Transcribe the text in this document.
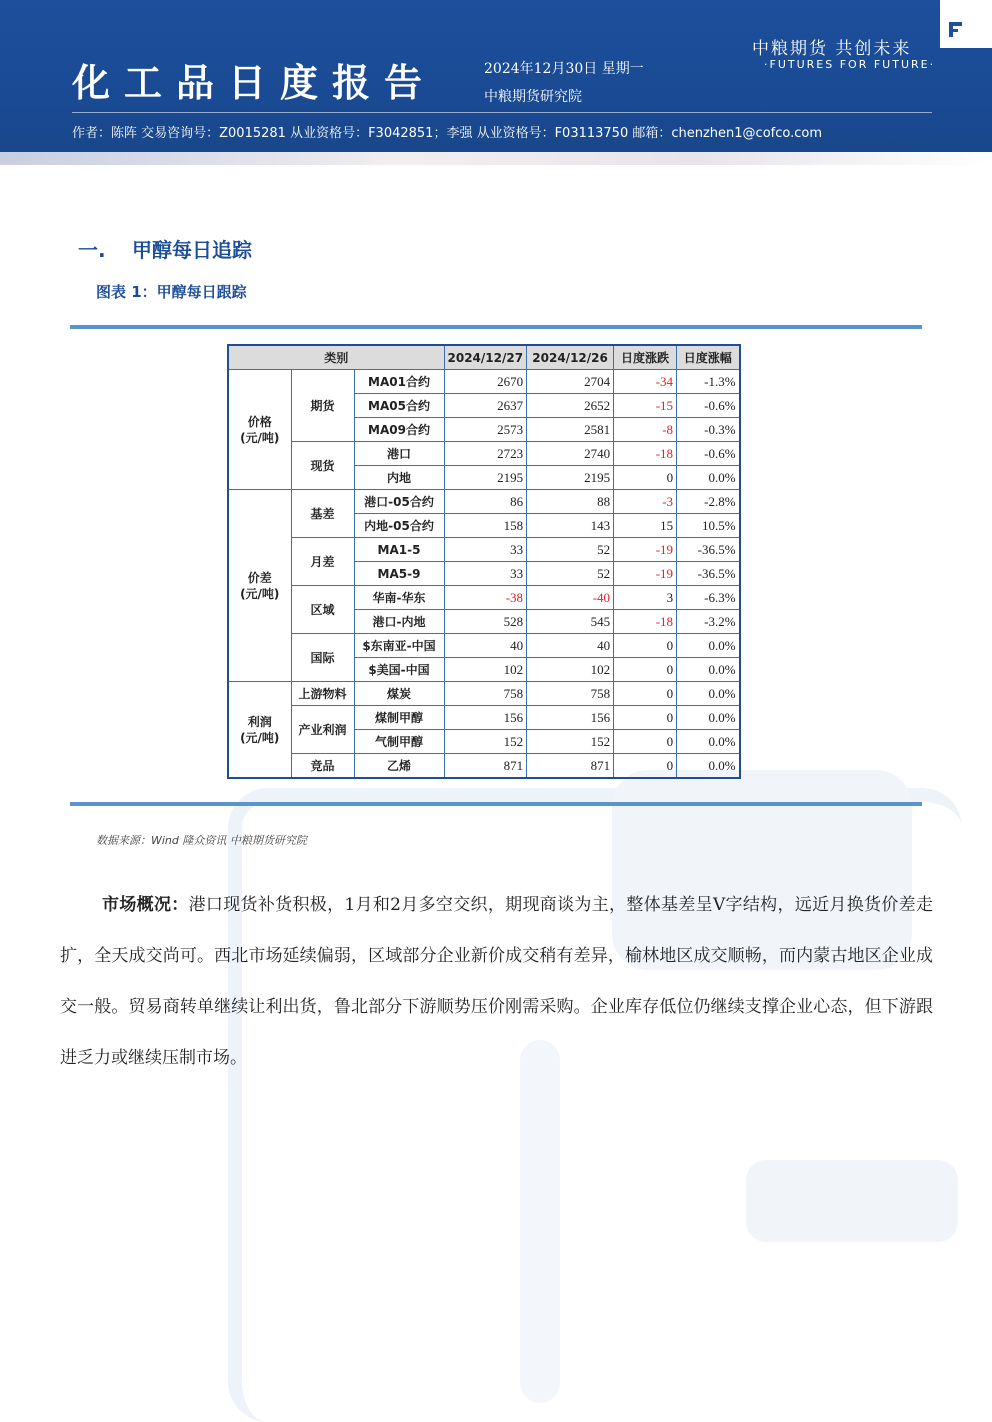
化工品日度报告	2024年12月30日 星期一
中粮期货研究院
中粮期货 共创未来
·FUTURES FOR FUTURE·
作者：陈阵 交易咨询号：Z0015281 从业资格号：F3042851；李强 从业资格号：F03113750 邮箱：chenzhen1@cofco.com
一. 甲醇每日追踪
图表 1：甲醇每日跟踪
类别			2024/12/27	2024/12/26	日度涨跌	日度涨幅
价格
(元/吨)	期货	MA01合约	2670	2704	-34	-1.3%
		MA05合约	2637	2652	-15	-0.6%
		MA09合约	2573	2581	-8	-0.3%
	现货	港口	2723	2740	-18	-0.6%
		内地	2195	2195	0	0.0%
价差
(元/吨)	基差	港口-05合约	86	88	-3	-2.8%
		内地-05合约	158	143	15	10.5%
	月差	MA1-5	33	52	-19	-36.5%
		MA5-9	33	52	-19	-36.5%
	区域	华南-华东	-38	-40	3	-6.3%
		港口-内地	528	545	-18	-3.2%
	国际	$东南亚-中国	40	40	0	0.0%
		$美国-中国	102	102	0	0.0%
利润
(元/吨)	上游物料	煤炭	758	758	0	0.0%
	产业利润	煤制甲醇	156	156	0	0.0%
		气制甲醇	152	152	0	0.0%
	竞品	乙烯	871	871	0	0.0%
数据来源：Wind 隆众资讯 中粮期货研究院
市场概况：港口现货补货积极，1月和2月多空交织，期现商谈为主，整体基差呈V字结构，远近月换货价差走扩，全天成交尚可。西北市场延续偏弱，区域部分企业新价成交稍有差异，榆林地区成交顺畅，而内蒙古地区企业成交一般。贸易商转单继续让利出货，鲁北部分下游顺势压价刚需采购。企业库存低位仍继续支撑企业心态，但下游跟进乏力或继续压制市场。
